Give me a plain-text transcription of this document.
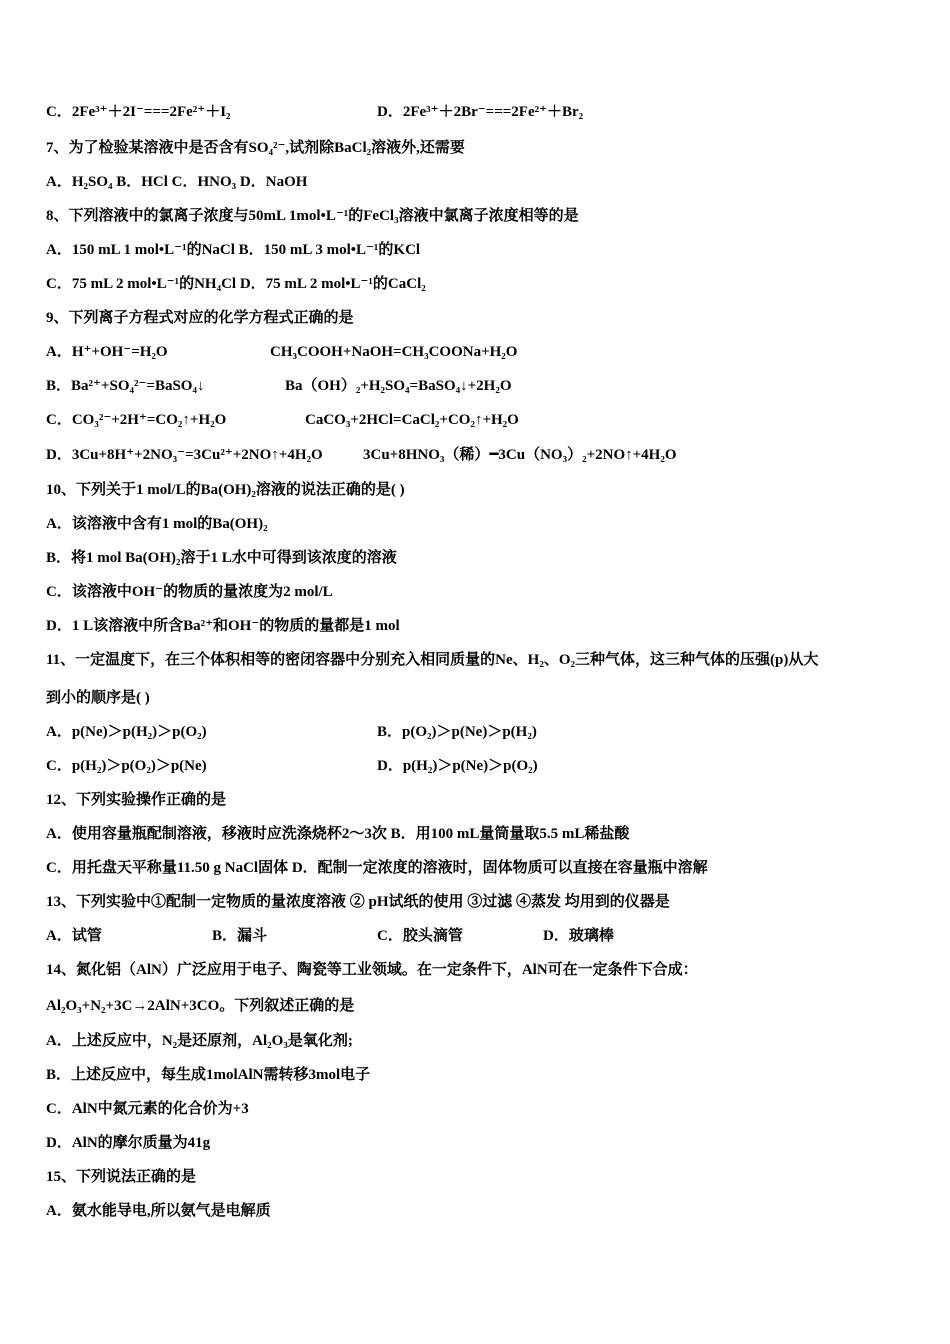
C．2Fe³⁺＋2I⁻===2Fe²⁺＋I₂	D．2Fe³⁺＋2Br⁻===2Fe²⁺＋Br₂
7、为了检验某溶液中是否含有SO₄²⁻,试剂除BaCl₂溶液外,还需要
A．H₂SO₄ B．HCl C．HNO₃ D．NaOH
8、下列溶液中的氯离子浓度与50mL 1mol•L⁻¹的FeCl₃溶液中氯离子浓度相等的是
A．150 mL 1 mol•L⁻¹的NaCl B．150 mL 3 mol•L⁻¹的KCl
C．75 mL 2 mol•L⁻¹的NH₄Cl D．75 mL 2 mol•L⁻¹的CaCl₂
9、下列离子方程式对应的化学方程式正确的是
A．H⁺+OH⁻=H₂O	CH₃COOH+NaOH=CH₃COONa+H₂O
B．Ba²⁺+SO₄²⁻=BaSO₄↓	Ba（OH）₂+H₂SO₄=BaSO₄↓+2H₂O
C．CO₃²⁻+2H⁺=CO₂↑+H₂O	CaCO₃+2HCl=CaCl₂+CO₂↑+H₂O
D．3Cu+8H⁺+2NO₃⁻=3Cu²⁺+2NO↑+4H₂O	3Cu+8HNO₃（稀）━3Cu（NO₃）₂+2NO↑+4H₂O
10、下列关于1 mol/L的Ba(OH)₂溶液的说法正确的是( )
A．该溶液中含有1 mol的Ba(OH)₂
B．将1 mol Ba(OH)₂溶于1 L水中可得到该浓度的溶液
C．该溶液中OH⁻的物质的量浓度为2 mol/L
D．1 L该溶液中所含Ba²⁺和OH⁻的物质的量都是1 mol
11、一定温度下，在三个体积相等的密闭容器中分别充入相同质量的Ne、H₂、O₂三种气体，这三种气体的压强(p)从大
到小的顺序是( )
A．p(Ne)＞p(H₂)＞p(O₂)	B．p(O₂)＞p(Ne)＞p(H₂)
C．p(H₂)＞p(O₂)＞p(Ne)	D．p(H₂)＞p(Ne)＞p(O₂)
12、下列实验操作正确的是
A．使用容量瓶配制溶液，移液时应洗涤烧杯2～3次 B．用100 mL量筒量取5.5 mL稀盐酸
C．用托盘天平称量11.50 g NaCl固体 D．配制一定浓度的溶液时，固体物质可以直接在容量瓶中溶解
13、下列实验中①配制一定物质的量浓度溶液 ② pH试纸的使用 ③过滤 ④蒸发 均用到的仪器是
A．试管	B．漏斗	C．胶头滴管	D．玻璃棒
14、氮化铝（AlN）广泛应用于电子、陶瓷等工业领域。在一定条件下，AlN可在一定条件下合成：
Al₂O₃+N₂+3C→2AlN+3CO。下列叙述正确的是
A．上述反应中，N₂是还原剂，Al₂O₃是氧化剂;
B．上述反应中，每生成1molAlN需转移3mol电子
C．AlN中氮元素的化合价为+3
D．AlN的摩尔质量为41g
15、下列说法正确的是
A．氨水能导电,所以氨气是电解质
